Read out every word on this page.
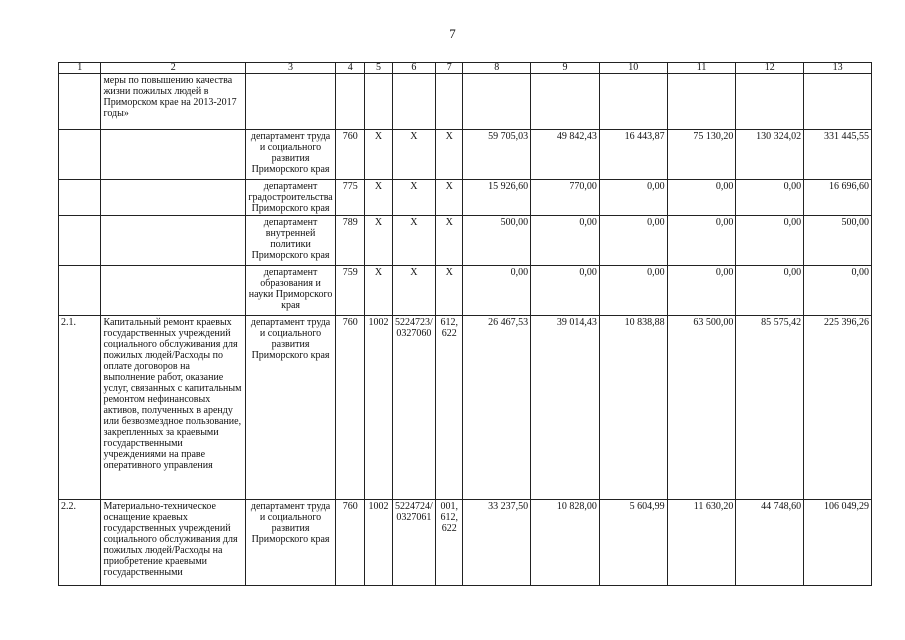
7
1	2	3	4	5	6	7	8	9	10	11	12	13
	меры по повышению качества жизни пожилых людей в Приморском крае на 2013-2017 годы»											
		департамент труда и социального развития Приморского края	760	Х	Х	Х	59 705,03	49 842,43	16 443,87	75 130,20	130 324,02	331 445,55
		департамент градостроительства Приморского края	775	Х	Х	Х	15 926,60	770,00	0,00	0,00	0,00	16 696,60
		департамент внутренней политики Приморского края	789	Х	Х	Х	500,00	0,00	0,00	0,00	0,00	500,00
		департамент образования и науки Приморского края	759	Х	Х	Х	0,00	0,00	0,00	0,00	0,00	0,00
2.1.	Капитальный ремонт краевых государственных учреждений социального обслуживания для пожилых людей/Расходы по оплате договоров на выполнение работ, оказание услуг, связанных с капитальным ремонтом нефинансовых активов, полученных в аренду или безвозмездное пользование, закрепленных за краевыми государственными учреждениями на праве оперативного управления	департамент труда и социального развития Приморского края	760	1002	5224723/ 0327060	612, 622	26 467,53	39 014,43	10 838,88	63 500,00	85 575,42	225 396,26
2.2.	Материально-техническое оснащение краевых государственных учреждений социального обслуживания для пожилых людей/Расходы на приобретение краевыми государственными	департамент труда и социального развития Приморского края	760	1002	5224724/ 0327061	001, 612, 622	33 237,50	10 828,00	5 604,99	11 630,20	44 748,60	106 049,29
